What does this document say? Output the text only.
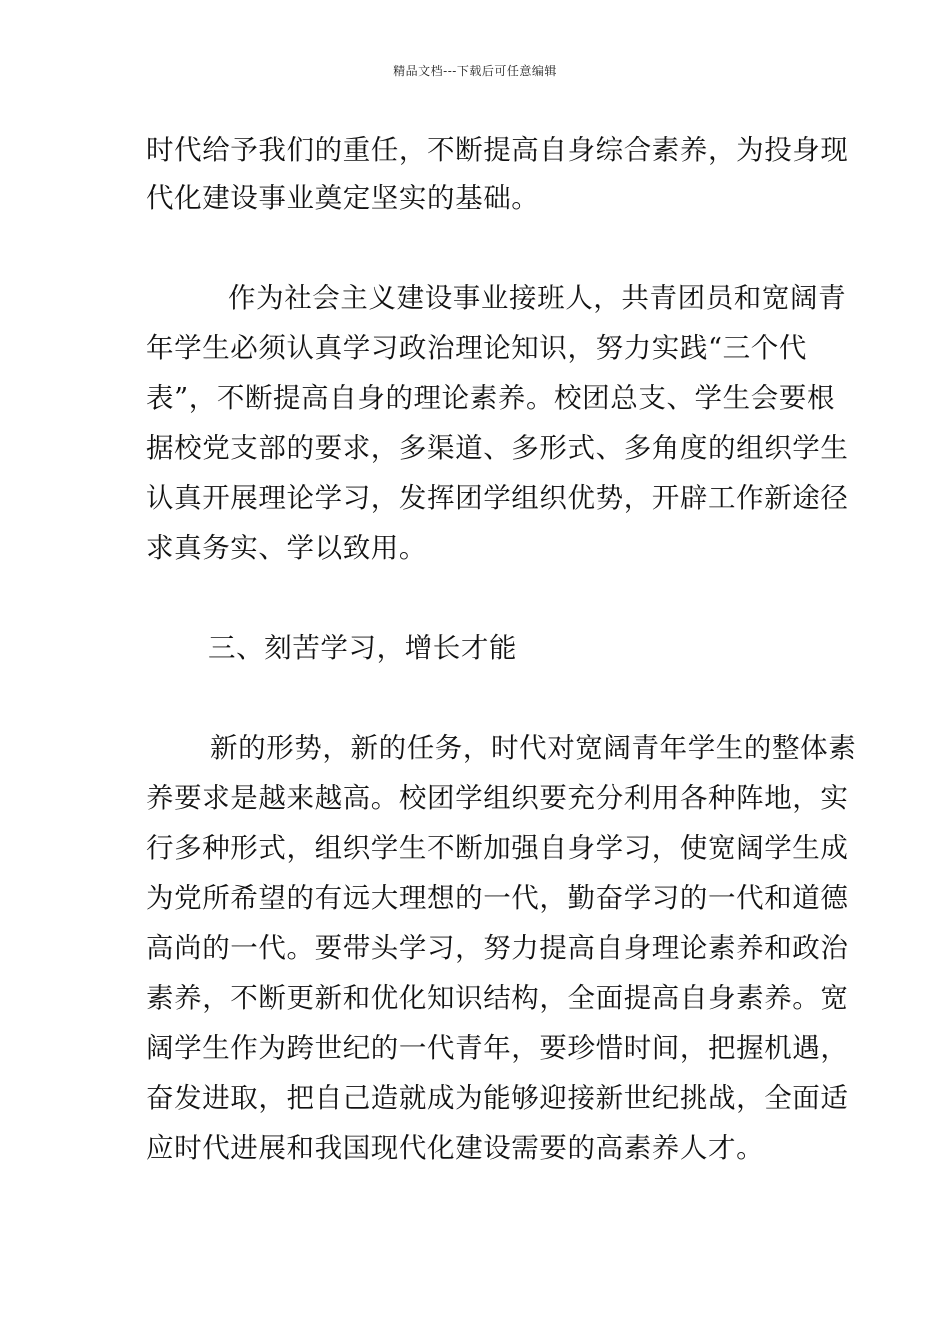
精品文档---下载后可任意编辑
时代给予我们的重任，不断提高自身综合素养，为投身现
代化建设事业奠定坚实的基础。
作为社会主义建设事业接班人，共青团员和宽阔青
年学生必须认真学习政治理论知识，努力实践“三个代
表”，不断提高自身的理论素养。校团总支、学生会要根
据校党支部的要求，多渠道、多形式、多角度的组织学生
认真开展理论学习，发挥团学组织优势，开辟工作新途径
求真务实、学以致用。
三、刻苦学习，增长才能
新的形势，新的任务，时代对宽阔青年学生的整体素
养要求是越来越高。校团学组织要充分利用各种阵地，实
行多种形式，组织学生不断加强自身学习，使宽阔学生成
为党所希望的有远大理想的一代，勤奋学习的一代和道德
高尚的一代。要带头学习，努力提高自身理论素养和政治
素养，不断更新和优化知识结构，全面提高自身素养。宽
阔学生作为跨世纪的一代青年，要珍惜时间，把握机遇，
奋发进取，把自己造就成为能够迎接新世纪挑战，全面适
应时代进展和我国现代化建设需要的高素养人才。
